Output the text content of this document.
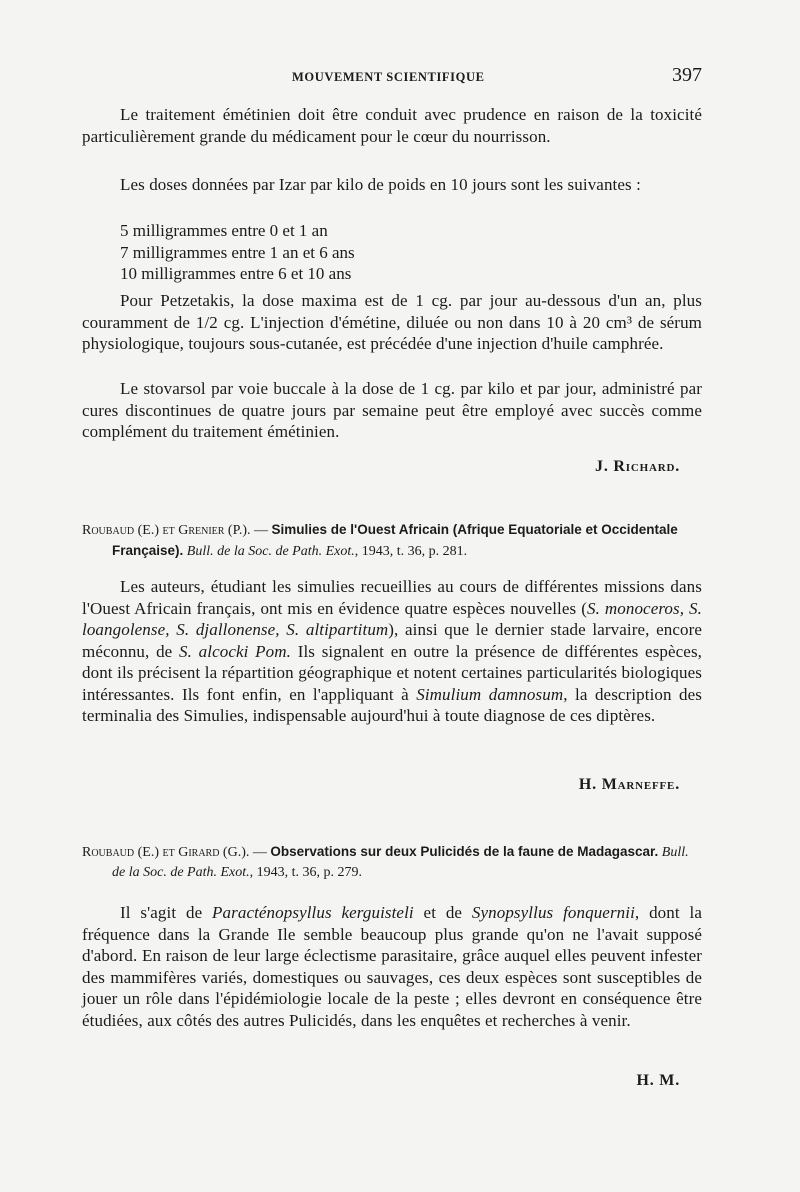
MOUVEMENT SCIENTIFIQUE	397

Le traitement émétinien doit être conduit avec prudence en raison de la toxicité particulièrement grande du médicament pour le cœur du nourrisson.

Les doses données par Izar par kilo de poids en 10 jours sont les suivantes :

5 milligrammes entre 0 et 1 an
7 milligrammes entre 1 an et 6 ans
10 milligrammes entre 6 et 10 ans

Pour Petzetakis, la dose maxima est de 1 cg. par jour au-dessous d'un an, plus couramment de 1/2 cg. L'injection d'émétine, diluée ou non dans 10 à 20 cm³ de sérum physiologique, toujours sous-cutanée, est précédée d'une injection d'huile camphrée.

Le stovarsol par voie buccale à la dose de 1 cg. par kilo et par jour, administré par cures discontinues de quatre jours par semaine peut être employé avec succès comme complément du traitement émétinien.

J. Richard.

Roubaud (E.) et Grenier (P.). — Simulies de l'Ouest Africain (Afrique Equatoriale et Occidentale Française). Bull. de la Soc. de Path. Exot., 1943, t. 36, p. 281.

Les auteurs, étudiant les simulies recueillies au cours de différentes missions dans l'Ouest Africain français, ont mis en évidence quatre espèces nouvelles (S. monoceros, S. loangolense, S. djallonense, S. altipartitum), ainsi que le dernier stade larvaire, encore méconnu, de S. alcocki Pom. Ils signalent en outre la présence de différentes espèces, dont ils précisent la répartition géographique et notent certaines particularités biologiques intéressantes. Ils font enfin, en l'appliquant à Simulium damnosum, la description des terminalia des Simulies, indispensable aujourd'hui à toute diagnose de ces diptères.

H. Marneffe.

Roubaud (E.) et Girard (G.). — Observations sur deux Pulicidés de la faune de Madagascar. Bull. de la Soc. de Path. Exot., 1943, t. 36, p. 279.

Il s'agit de Paracténopsyllus kerguisteli et de Synopsyllus fonquernii, dont la fréquence dans la Grande Ile semble beaucoup plus grande qu'on ne l'avait supposé d'abord. En raison de leur large éclectisme parasitaire, grâce auquel elles peuvent infester des mammifères variés, domestiques ou sauvages, ces deux espèces sont susceptibles de jouer un rôle dans l'épidémiologie locale de la peste ; elles devront en conséquence être étudiées, aux côtés des autres Pulicidés, dans les enquêtes et recherches à venir.

H. M.
